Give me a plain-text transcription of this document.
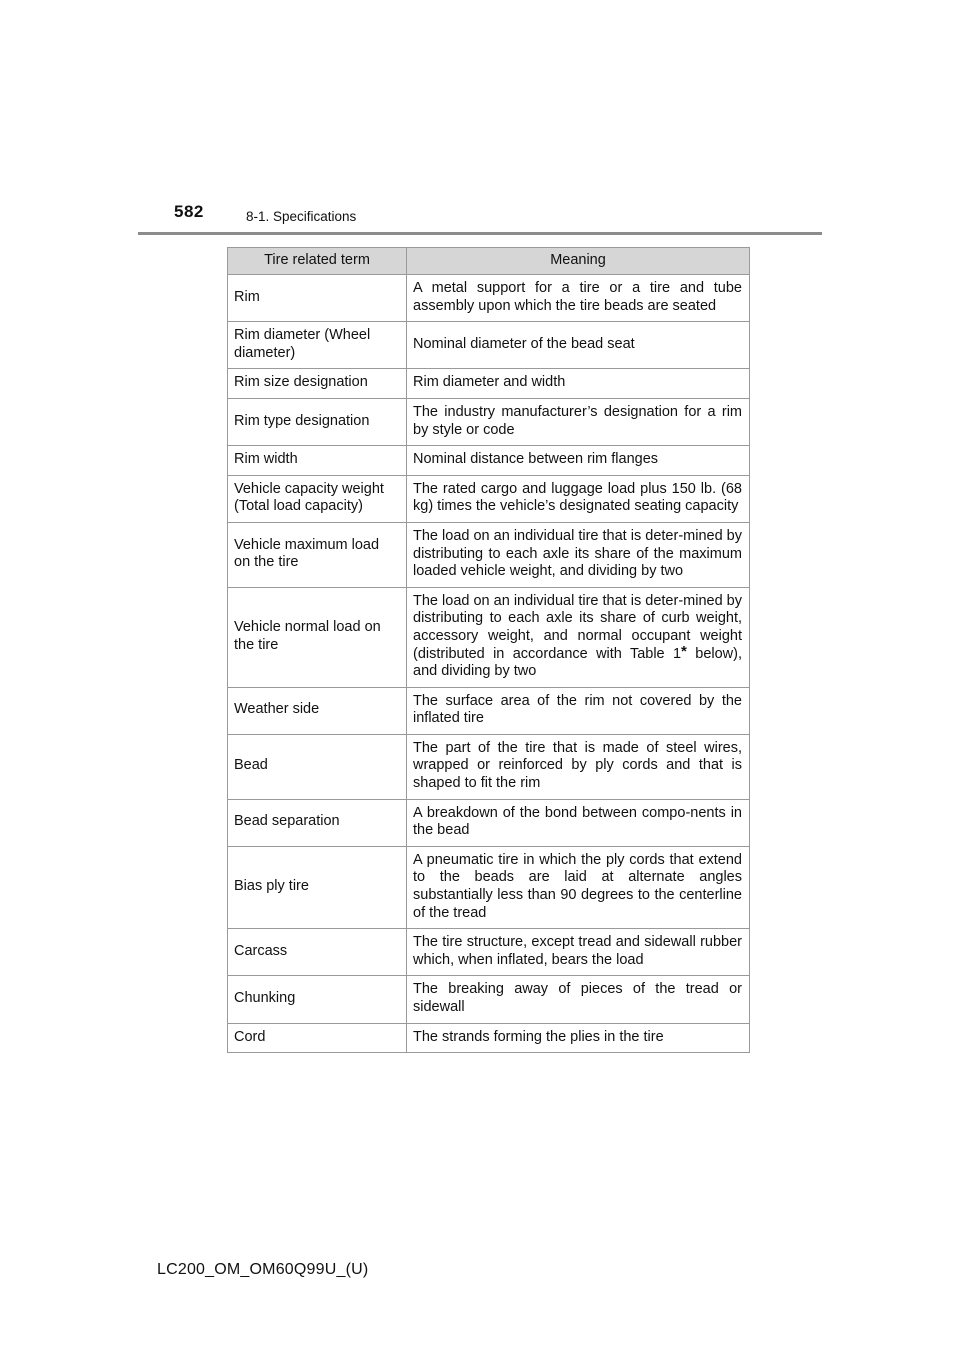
582	8-1. Specifications
Tire related term	Meaning
Rim	A metal support for a tire or a tire and tube assembly upon which the tire beads are seated
Rim diameter (Wheel diameter)	Nominal diameter of the bead seat
Rim size designation	Rim diameter and width
Rim type designation	The industry manufacturer’s designation for a rim by style or code
Rim width	Nominal distance between rim flanges
Vehicle capacity weight (Total load capacity)	The rated cargo and luggage load plus 150 lb. (68 kg) times the vehicle’s designated seating capacity
Vehicle maximum load on the tire	The load on an individual tire that is deter-mined by distributing to each axle its share of the maximum loaded vehicle weight, and dividing by two
Vehicle normal load on the tire	The load on an individual tire that is deter-mined by distributing to each axle its share of curb weight, accessory weight, and normal occupant weight (distributed in accordance with Table 1* below), and dividing by two
Weather side	The surface area of the rim not covered by the inflated tire
Bead	The part of the tire that is made of steel wires, wrapped or reinforced by ply cords and that is shaped to fit the rim
Bead separation	A breakdown of the bond between compo-nents in the bead
Bias ply tire	A pneumatic tire in which the ply cords that extend to the beads are laid at alternate angles substantially less than 90 degrees to the centerline of the tread
Carcass	The tire structure, except tread and sidewall rubber which, when inflated, bears the load
Chunking	The breaking away of pieces of the tread or sidewall
Cord	The strands forming the plies in the tire
LC200_OM_OM60Q99U_(U)
